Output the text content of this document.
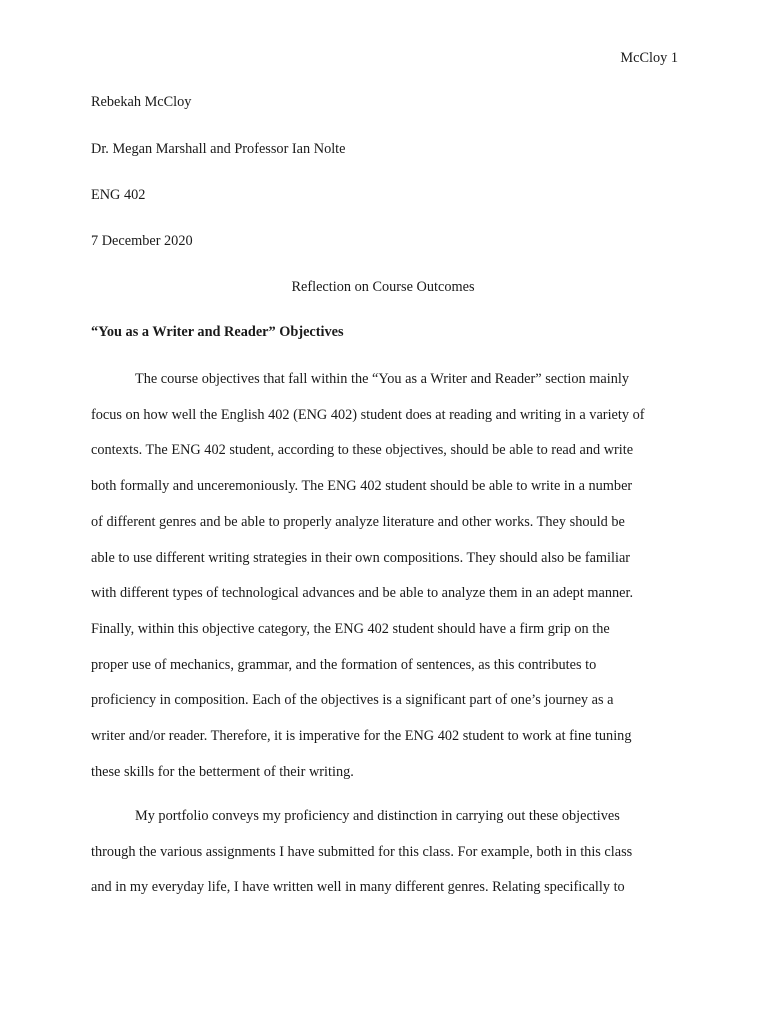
McCloy 1

Rebekah McCloy

Dr. Megan Marshall and Professor Ian Nolte

ENG 402

7 December 2020

Reflection on Course Outcomes

“You as a Writer and Reader” Objectives

The course objectives that fall within the “You as a Writer and Reader” section mainly

focus on how well the English 402 (ENG 402) student does at reading and writing in a variety of

contexts. The ENG 402 student, according to these objectives, should be able to read and write

both formally and unceremoniously. The ENG 402 student should be able to write in a number

of different genres and be able to properly analyze literature and other works. They should be

able to use different writing strategies in their own compositions. They should also be familiar

with different types of technological advances and be able to analyze them in an adept manner.

Finally, within this objective category, the ENG 402 student should have a firm grip on the

proper use of mechanics, grammar, and the formation of sentences, as this contributes to

proficiency in composition. Each of the objectives is a significant part of one’s journey as a

writer and/or reader. Therefore, it is imperative for the ENG 402 student to work at fine tuning

these skills for the betterment of their writing.

My portfolio conveys my proficiency and distinction in carrying out these objectives

through the various assignments I have submitted for this class. For example, both in this class

and in my everyday life, I have written well in many different genres. Relating specifically to
